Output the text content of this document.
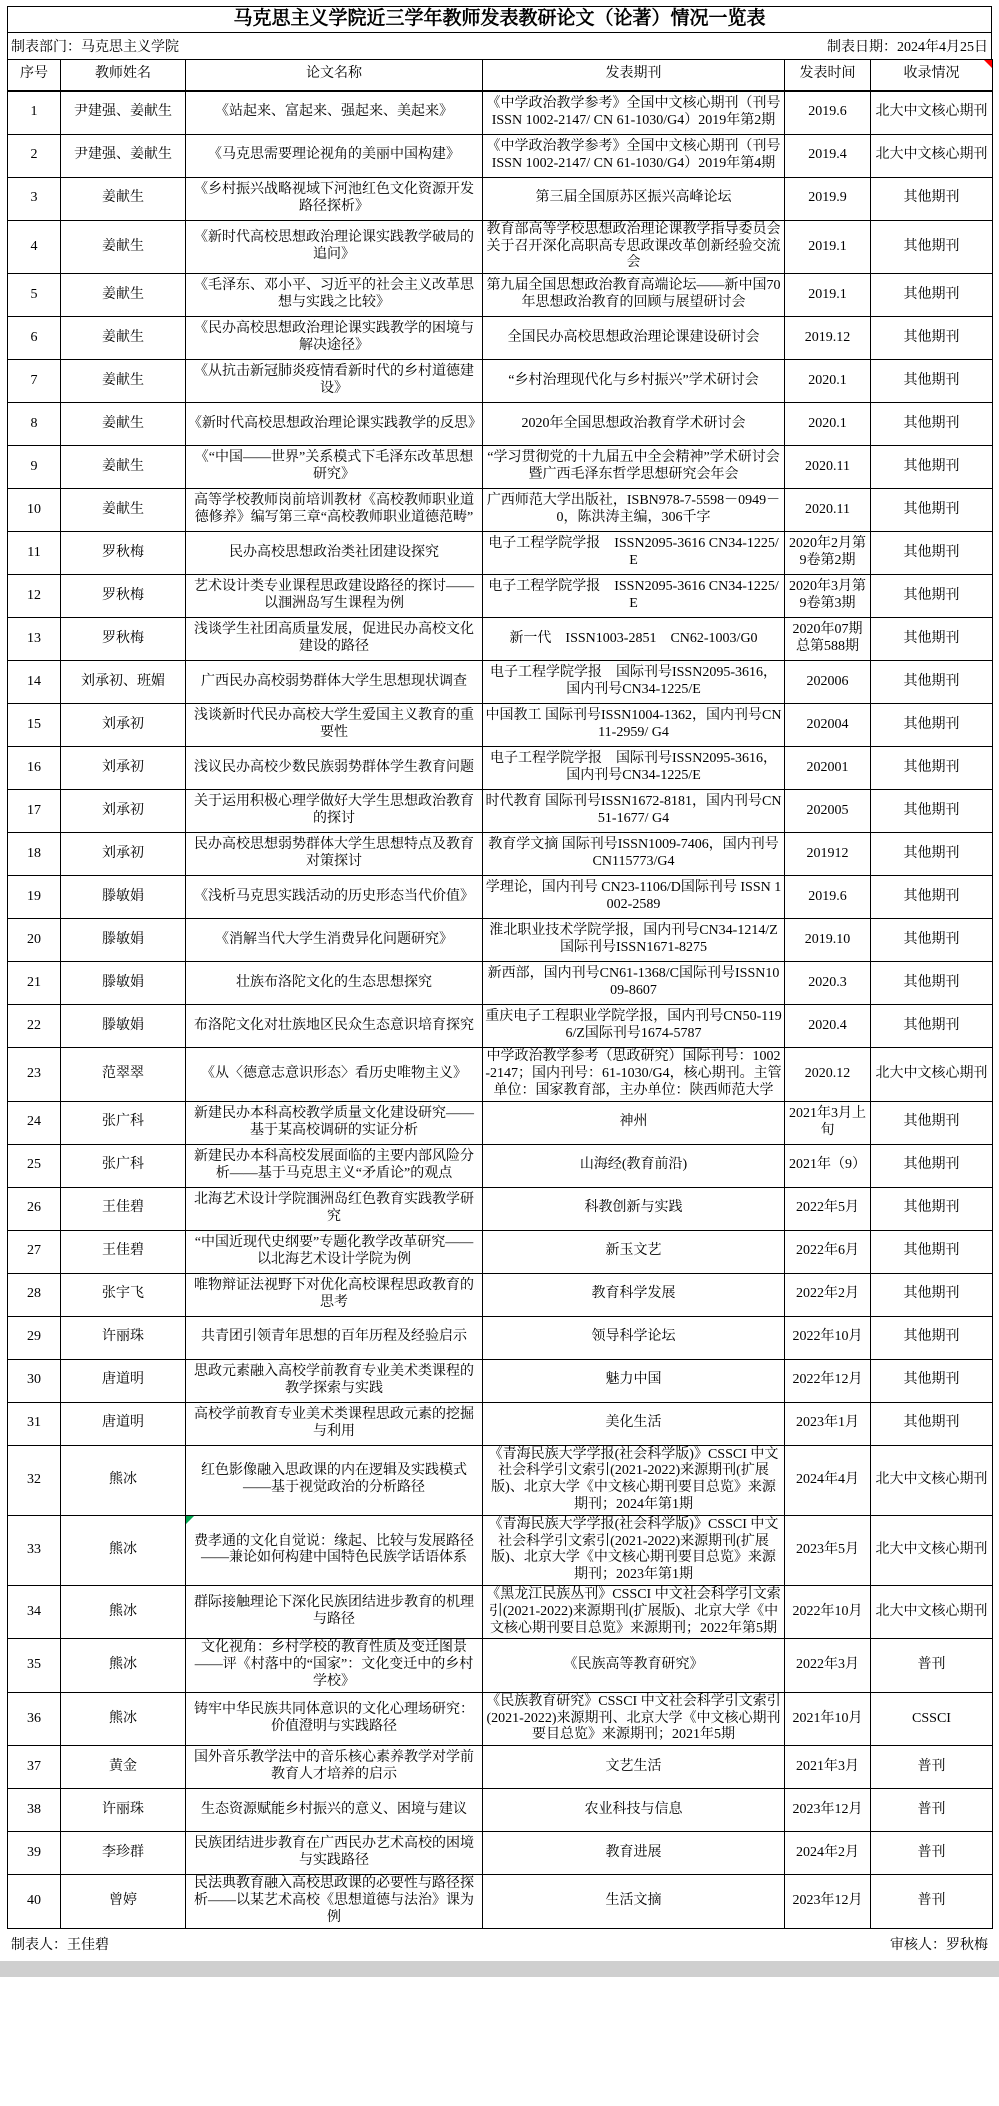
马克思主义学院近三学年教师发表教研论文（论著）情况一览表
制表部门：马克思主义学院	制表日期：2024年4月25日
序号	教师姓名	论文名称	发表期刊	发表时间	收录情况

1	尹建强、姜献生	《站起来、富起来、强起来、美起来》	《中学政治教学参考》全国中文核心期刊（刊号ISSN 1002-2147/ CN 61-1030/G4）2019年第2期	2019.6	北大中文核心期刊
2	尹建强、姜献生	《马克思需要理论视角的美丽中国构建》	《中学政治教学参考》全国中文核心期刊（刊号ISSN 1002-2147/ CN 61-1030/G4）2019年第4期	2019.4	北大中文核心期刊
3	姜献生	《乡村振兴战略视域下河池红色文化资源开发路径探析》	第三届全国原苏区振兴高峰论坛	2019.9	其他期刊
4	姜献生	《新时代高校思想政治理论课实践教学破局的追问》	教育部高等学校思想政治理论课教学指导委员会关于召开深化高职高专思政课改革创新经验交流会	2019.1	其他期刊
5	姜献生	《毛泽东、邓小平、习近平的社会主义改革思想与实践之比较》	第九届全国思想政治教育高端论坛——新中国70年思想政治教育的回顾与展望研讨会	2019.1	其他期刊
6	姜献生	《民办高校思想政治理论课实践教学的困境与解决途径》	全国民办高校思想政治理论课建设研讨会	2019.12	其他期刊
7	姜献生	《从抗击新冠肺炎疫情看新时代的乡村道德建设》	“乡村治理现代化与乡村振兴”学术研讨会	2020.1	其他期刊
8	姜献生	《新时代高校思想政治理论课实践教学的反思》	2020年全国思想政治教育学术研讨会	2020.1	其他期刊
9	姜献生	《“中国——世界”关系模式下毛泽东改革思想研究》	“学习贯彻党的十九届五中全会精神”学术研讨会暨广西毛泽东哲学思想研究会年会	2020.11	其他期刊
10	姜献生	高等学校教师岗前培训教材《高校教师职业道德修养》编写第三章“高校教师职业道德范畴”	广西师范大学出版社，ISBN978-7-5598－0949－0，陈洪涛主编，306千字	2020.11	其他期刊
11	罗秋梅	民办高校思想政治类社团建设探究	电子工程学院学报　ISSN2095-3616 CN34-1225/E	2020年2月第9卷第2期	其他期刊
12	罗秋梅	艺术设计类专业课程思政建设路径的探讨——以涠洲岛写生课程为例	电子工程学院学报　ISSN2095-3616 CN34-1225/E	2020年3月第9卷第3期	其他期刊
13	罗秋梅	浅谈学生社团高质量发展，促进民办高校文化建设的路径	新一代　ISSN1003-2851　CN62-1003/G0	2020年07期总第588期	其他期刊
14	刘承初、班媚	广西民办高校弱势群体大学生思想现状调查	电子工程学院学报　国际刊号ISSN2095-3616，国内刊号CN34-1225/E	202006	其他期刊
15	刘承初	浅谈新时代民办高校大学生爱国主义教育的重要性	中国教工 国际刊号ISSN1004-1362，国内刊号CN11-2959/ G4	202004	其他期刊
16	刘承初	浅议民办高校少数民族弱势群体学生教育问题	电子工程学院学报　国际刊号ISSN2095-3616，国内刊号CN34-1225/E	202001	其他期刊
17	刘承初	关于运用积极心理学做好大学生思想政治教育的探讨	时代教育 国际刊号ISSN1672-8181，国内刊号CN51-1677/ G4	202005	其他期刊
18	刘承初	民办高校思想弱势群体大学生思想特点及教育对策探讨	教育学文摘 国际刊号ISSN1009-7406，国内刊号CN115773/G4	201912	其他期刊
19	滕敏娟	《浅析马克思实践活动的历史形态当代价值》	学理论，国内刊号 CN23-1106/D国际刊号 ISSN 1002-2589	2019.6	其他期刊
20	滕敏娟	《消解当代大学生消费异化问题研究》	淮北职业技术学院学报，国内刊号CN34-1214/Z国际刊号ISSN1671-8275	2019.10	其他期刊
21	滕敏娟	壮族布洛陀文化的生态思想探究	新西部，国内刊号CN61-1368/C国际刊号ISSN1009-8607	2020.3	其他期刊
22	滕敏娟	布洛陀文化对壮族地区民众生态意识培育探究	重庆电子工程职业学院学报，国内刊号CN50-1196/Z国际刊号1674-5787	2020.4	其他期刊
23	范翠翠	《从〈德意志意识形态〉看历史唯物主义》	中学政治教学参考（思政研究）国际刊号：1002-2147；国内刊号：61-1030/G4，核心期刊。主管单位：国家教育部，主办单位：陕西师范大学	2020.12	北大中文核心期刊
24	张广科	新建民办本科高校教学质量文化建设研究——基于某高校调研的实证分析	神州	2021年3月上旬	其他期刊
25	张广科	新建民办本科高校发展面临的主要内部风险分析——基于马克思主义“矛盾论”的观点	山海经(教育前沿)	2021年（9）	其他期刊
26	王佳碧	北海艺术设计学院涠洲岛红色教育实践教学研究	科教创新与实践	2022年5月	其他期刊
27	王佳碧	“中国近现代史纲要”专题化教学改革研究——以北海艺术设计学院为例	新玉文艺	2022年6月	其他期刊
28	张宇飞	唯物辩证法视野下对优化高校课程思政教育的思考	教育科学发展	2022年2月	其他期刊
29	许丽珠	共青团引领青年思想的百年历程及经验启示	领导科学论坛	2022年10月	其他期刊
30	唐道明	思政元素融入高校学前教育专业美术类课程的教学探索与实践	魅力中国	2022年12月	其他期刊
31	唐道明	高校学前教育专业美术类课程思政元素的挖掘与利用	美化生活	2023年1月	其他期刊
32	熊冰	红色影像融入思政课的内在逻辑及实践模式——基于视觉政治的分析路径	《青海民族大学学报(社会科学版)》CSSCI 中文社会科学引文索引(2021-2022)来源期刊(扩展版)、北京大学《中文核心期刊要目总览》来源期刊；2024年第1期	2024年4月	北大中文核心期刊
33	熊冰	费孝通的文化自觉说：缘起、比较与发展路径——兼论如何构建中国特色民族学话语体系	《青海民族大学学报(社会科学版)》CSSCI 中文社会科学引文索引(2021-2022)来源期刊(扩展版)、北京大学《中文核心期刊要目总览》来源期刊；2023年第1期	2023年5月	北大中文核心期刊
34	熊冰	群际接触理论下深化民族团结进步教育的机理与路径	《黑龙江民族丛刊》CSSCI 中文社会科学引文索引(2021-2022)来源期刊(扩展版)、北京大学《中文核心期刊要目总览》来源期刊；2022年第5期	2022年10月	北大中文核心期刊
35	熊冰	文化视角：乡村学校的教育性质及变迁图景——评《村落中的“国家”：文化变迁中的乡村学校》	《民族高等教育研究》	2022年3月	普刊
36	熊冰	铸牢中华民族共同体意识的文化心理场研究：价值澄明与实践路径	《民族教育研究》CSSCI 中文社会科学引文索引(2021-2022)来源期刊、北京大学《中文核心期刊要目总览》来源期刊；2021年5期	2021年10月	CSSCI
37	黄金	国外音乐教学法中的音乐核心素养教学对学前教育人才培养的启示	文艺生活	2021年3月	普刊
38	许丽珠	生态资源赋能乡村振兴的意义、困境与建议	农业科技与信息	2023年12月	普刊
39	李珍群	民族团结进步教育在广西民办艺术高校的困境与实践路径	教育进展	2024年2月	普刊
40	曾婷	民法典教育融入高校思政课的必要性与路径探析——以某艺术高校《思想道德与法治》课为例	生活文摘	2023年12月	普刊
制表人：王佳碧	审核人：罗秋梅
